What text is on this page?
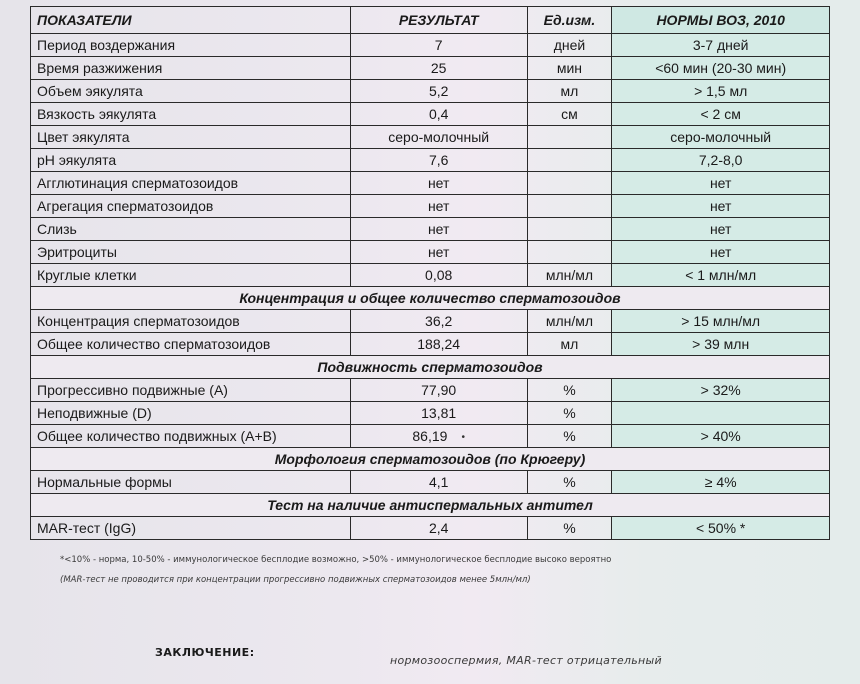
ПОКАЗАТЕЛИ	РЕЗУЛЬТАТ	Ед.изм.	НОРМЫ ВОЗ, 2010
Период воздержания	7	дней	3-7 дней
Время разжижения	25	мин	<60 мин (20-30 мин)
Объем эякулята	5,2	мл	> 1,5 мл
Вязкость эякулята	0,4	см	< 2 см
Цвет эякулята	серо-молочный		серо-молочный
pH эякулята	7,6		7,2-8,0
Агглютинация сперматозоидов	нет		нет
Агрегация сперматозоидов	нет		нет
Слизь	нет		нет
Эритроциты	нет		нет
Круглые клетки	0,08	млн/мл	< 1 млн/мл
Концентрация и общее количество сперматозоидов			
Концентрация сперматозоидов	36,2	млн/мл	> 15 млн/мл
Общее количество сперматозоидов	188,24	мл	> 39 млн
Подвижность сперматозоидов			
Прогрессивно подвижные (А)	77,90	%	> 32%
Неподвижные (D)	13,81	%	
Общее количество подвижных (А+В)	86,19 •	%	> 40%
Морфология сперматозоидов (по Крюгеру)			
Нормальные формы	4,1	%	≥ 4%
Тест на наличие антиспермальных антител			
MAR-тест (IgG)	2,4	%	< 50% *
*<10% - норма, 10-50% - иммунологическое бесплодие возможно, >50% - иммунологическое бесплодие высоко вероятно
(MAR-тест не проводится при концентрации прогрессивно подвижных сперматозоидов менее 5млн/мл)
ЗАКЛЮЧЕНИЕ:
нормозооспермия, MAR-тест отрицательный
